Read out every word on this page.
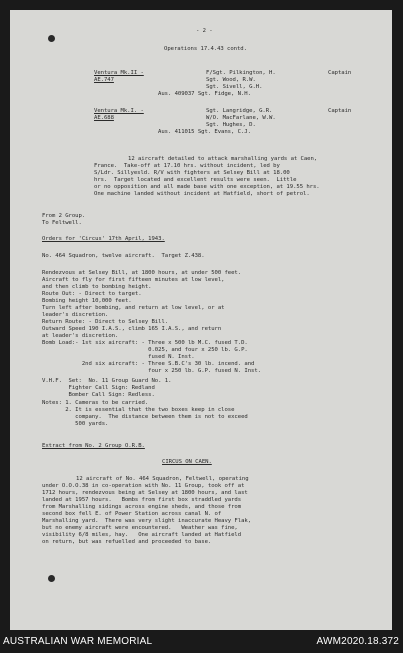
- 2 -
Operations 17.4.43 contd.
Ventura Mk.II -
AE.747
Captain
F/Sgt. Pilkington, H.
Sgt. Wood, R.W.
Sgt. Sivell, G.H.
Aus. 409037 Sgt. Fidge, N.H.
Ventura Mk.I. -
AE.688
Captain
Sgt. Langridge, G.R.
W/O. MacFarlane, W.W.
Sgt. Hughes, D.
Aus. 411015 Sgt. Evans, C.J.
12 aircraft detailed to attack marshalling yards at Caen,
France.  Take-off at 17.10 hrs. without incident, led by
S/Ldr. Sillyesld. R/V with fighters at Selsey Bill at 18.00
hrs.  Target located and excellent results were seen.  Little
or no opposition and all made base with one exception, at 19.55 hrs.
One machine landed without incident at Hatfield, short of petrol.
From 2 Group.
To Feltwell.
Orders for 'Circus' 17th April, 1943.
No. 464 Squadron, twelve aircraft.  Target Z.438.
Rendezvous at Selsey Bill, at 1800 hours, at under 500 feet.
Aircraft to fly for first fifteen minutes at low level,
and then climb to bombing height.
Route Out: - Direct to target.
Bombing height 10,000 feet.
Turn left after bombing, and return at low level, or at
leader's discretion.
Return Route: - Direct to Selsey Bill.
Outward Speed 190 I.A.S., climb 165 I.A.S., and return
at leader's discretion.
Bomb Load:- 1st six aircraft: - Three x 500 lb M.C. fused T.D.
0.025, and four x 250 lb. G.P.
fused N. Inst.
2nd six aircraft: - Three S.B.C's 30 lb. incend. and
four x 250 lb. G.P. fused N. Inst.
V.H.F.  Set:  No. 11 Group Guard No. 1.
Fighter Call Sign: Redland
Bomber Call Sign: Redless.
Notes: 1. Cameras to be carried.
2. It is essential that the two boxes keep in close
company.  The distance between them is not to exceed
500 yards.
Extract from No. 2 Group O.R.B.
CIRCUS ON CAEN.
12 aircraft of No. 464 Squadron, Feltwell, operating
under O.O.O.38 in co-operation with No. 11 Group, took off at
1712 hours, rendezvous being at Selsey at 1800 hours, and last
landed at 1957 hours.   Bombs from first box straddled yards
from Marshalling sidings across engine sheds, and those from
second box fell E. of Power Station across canal N. of
Marshalling yard.  There was very slight inaccurate Heavy Flak,
but no enemy aircraft were encountered.   Weather was fine,
visibility 6/8 miles, hay.   One aircraft landed at Hatfield
on return, but was refuelled and proceeded to base.
AUSTRALIAN WAR MEMORIAL	AWM2020.18.372
